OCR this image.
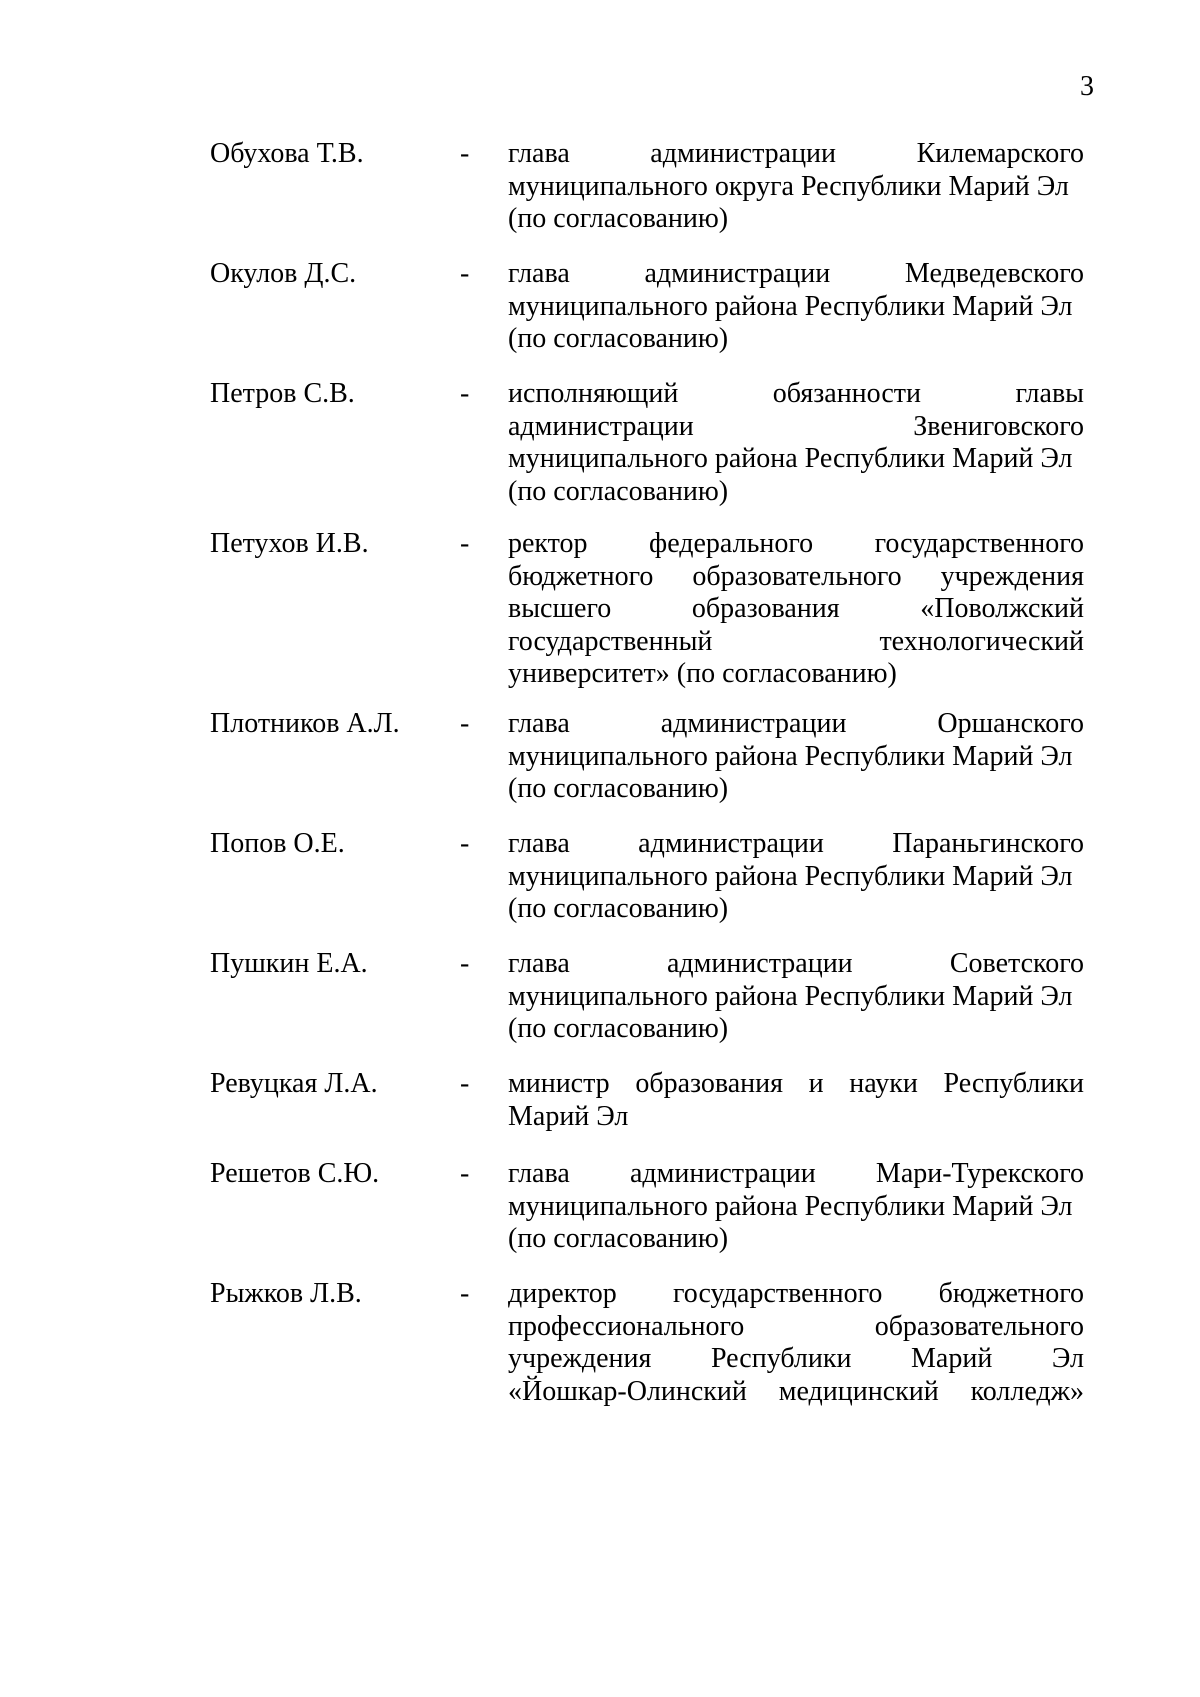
3
Обухова Т.В.	- глава	администрации	Килемарского
муниципального округа Республики Марий Эл
(по согласованию)
Окулов Д.С.	- глава	администрации	Медведевского
муниципального района Республики Марий Эл
(по согласованию)
Петров С.В.	- исполняющий	обязанности	главы
администрации	Звениговского
муниципального района Республики Марий Эл
(по согласованию)
Петухов И.В.	- ректор федерального государственного
бюджетного образовательного учреждения
высшего	образования	«Поволжский
государственный	технологический
университет» (по согласованию)
Плотников А.Л. - глава	администрации	Оршанского
муниципального района Республики Марий Эл
(по согласованию)
Попов О.Е.	- глава администрации Параньгинского
муниципального района Республики Марий Эл
(по согласованию)
Пушкин Е.А.	- глава	администрации	Советского
муниципального района Республики Марий Эл
(по согласованию)
Ревуцкая Л.А.	- министр образования и науки Республики
Марий Эл
Решетов С.Ю.	- глава администрации Мари-Турекского
муниципального района Республики Марий Эл
(по согласованию)
Рыжков Л.В.	- директор государственного бюджетного
профессионального	образовательного
учреждения Республики Марий Эл
«Йошкар-Олинский медицинский колледж»
